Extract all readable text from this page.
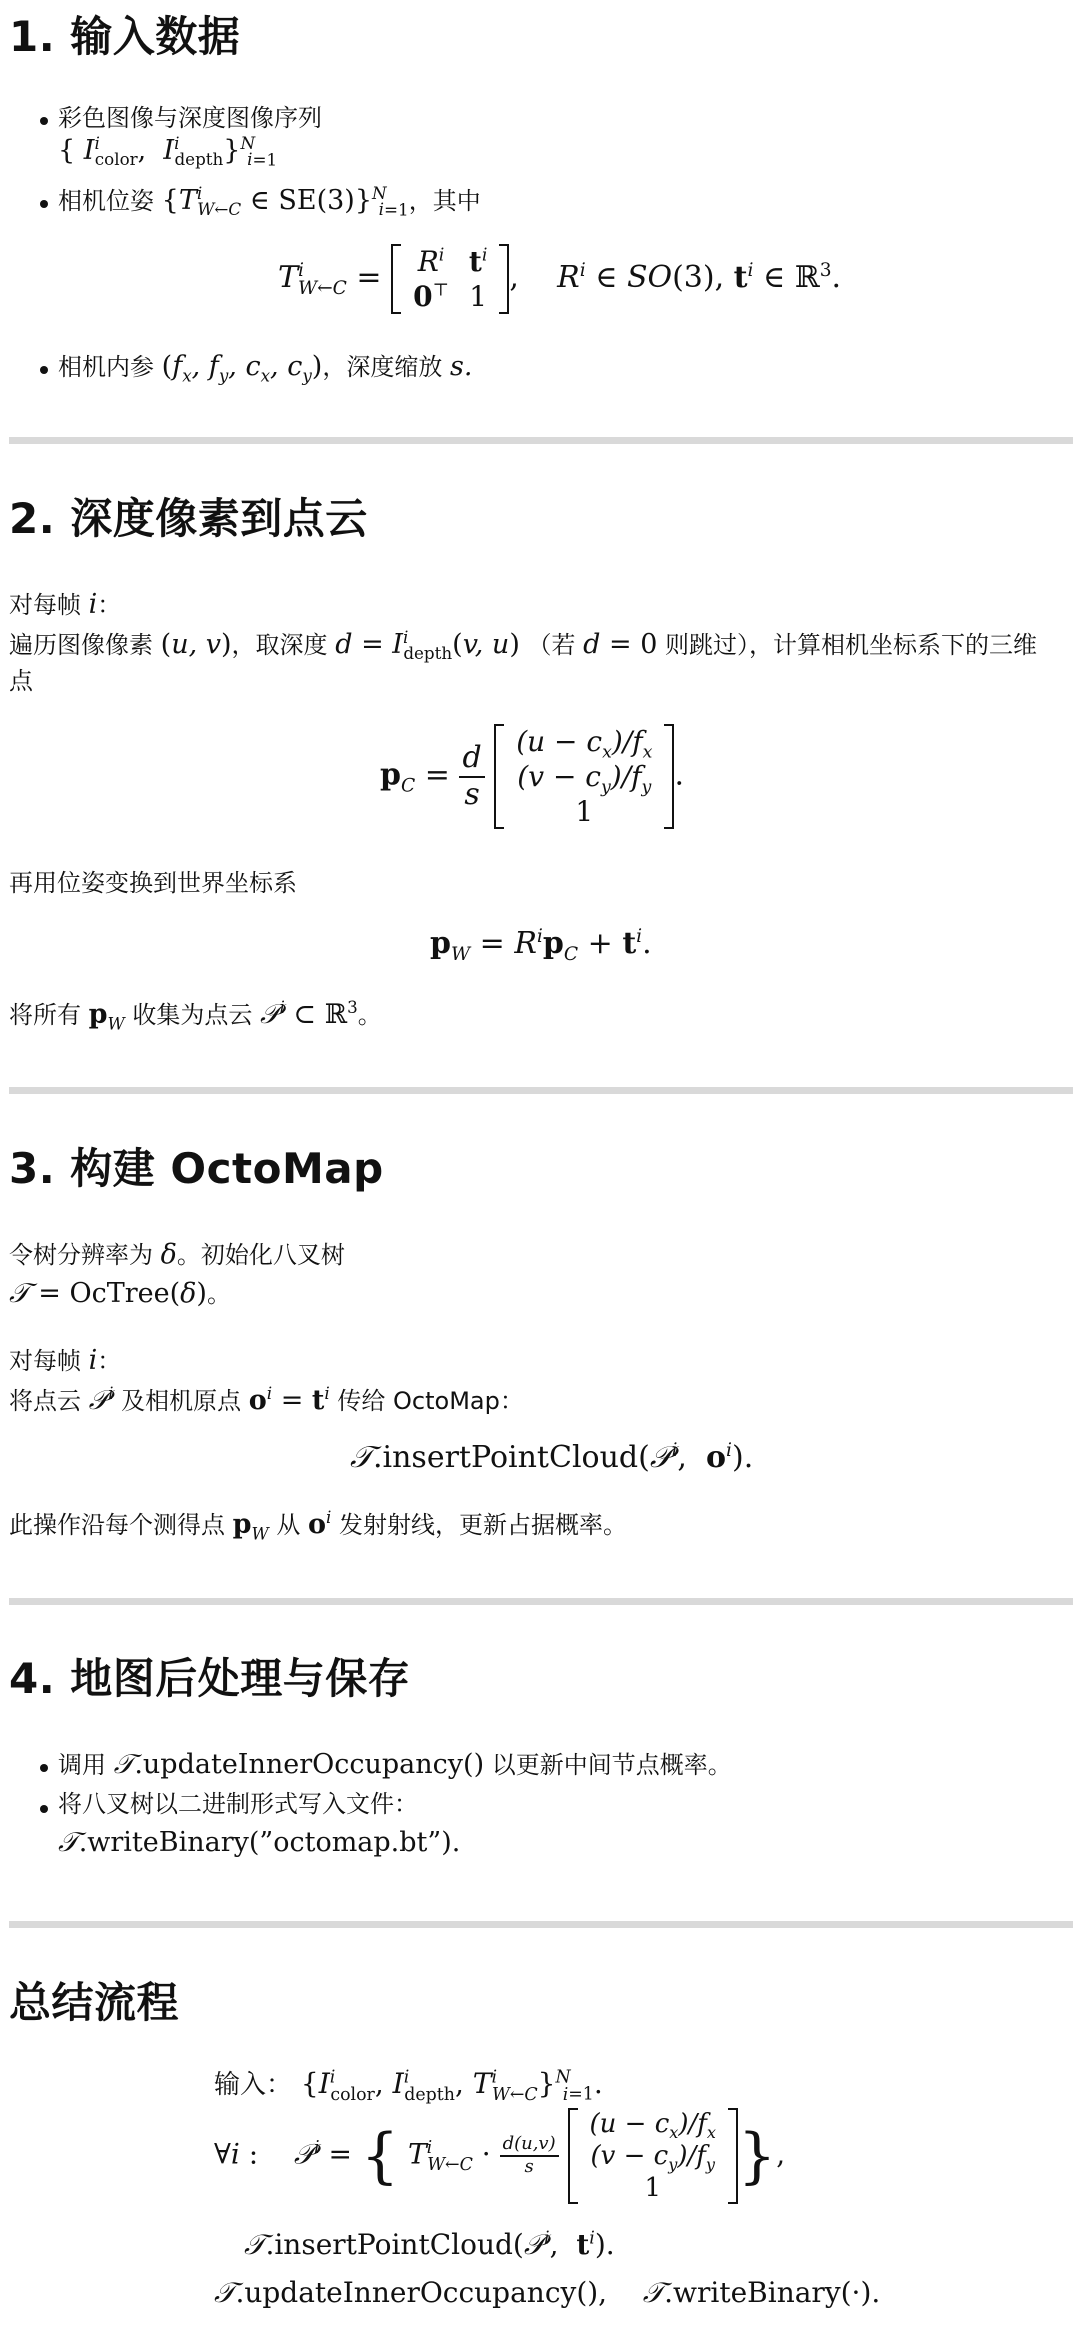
1. 输入数据
彩色图像与深度图像序列
{ $I^i_{color}$,  $I^i_{depth}\}^N_{i=1}$
相机位姿 {$T^i_{W\leftarrow C}$ ∈ SE(3)}$^N_{i=1}$，其中
$T^i_{W\leftarrow C} = R^i$	$t^i$
0⊤	1
,    $R^i$ ∈ SO(3), $t^i$ ∈ ℝ$^3$.
相机内参 ($f_x$, $f_y$, $c_x$, $c_y$)，深度缩放 s.
2. 深度像素到点云
对每帧 i：
遍历图像像素 (u, v)，取深度 $d = I^i_{depth}(v$, u) （若 d = 0 则跳过），计算相机坐标系下的三维
点
$p_C = \frac{d}{s}$
$(u - c_x)/f_x$
$(v - c_y)/f_y$
1
.
再用位姿变换到世界坐标系
$p_W = R^ip_C + t^i$.
将所有 $p_W$ 收集为点云 𝒫$^i$ ⊂ ℝ$^3$。
3. 构建 OctoMap
令树分辨率为 δ。初始化八叉树
𝒯 = OcTree(δ)。
对每帧 i：
将点云 𝒫$^i$ 及相机原点 $o^i = t^i$ 传给 OctoMap：
𝒯.insertPointCloud(𝒫$^i$,  $o^i$).
此操作沿每个测得点 $p_W$ 从 $o^i$ 发射射线，更新占据概率。
4. 地图后处理与保存
调用 𝒯.updateInnerOccupancy() 以更新中间节点概率。
将八叉树以二进制形式写入文件：
𝒯.writeBinary(”octomap.bt”).
总结流程
输入： {$I^i_{color}$, $I^i_{depth}$, $T^i_{W\leftarrow C}\}^N_{i=1}$.
∀i :    𝒫$^i$ = { $T^i_{W\leftarrow C} \cdot \frac{d(u,v)}{s}$

$(u - c_x)/f_x$
$(v - c_y)/f_y$
1 },
𝒯.insertPointCloud(𝒫$^i$,  $t^i$).
𝒯.updateInnerOccupancy(),    𝒯.writeBinary(·).
